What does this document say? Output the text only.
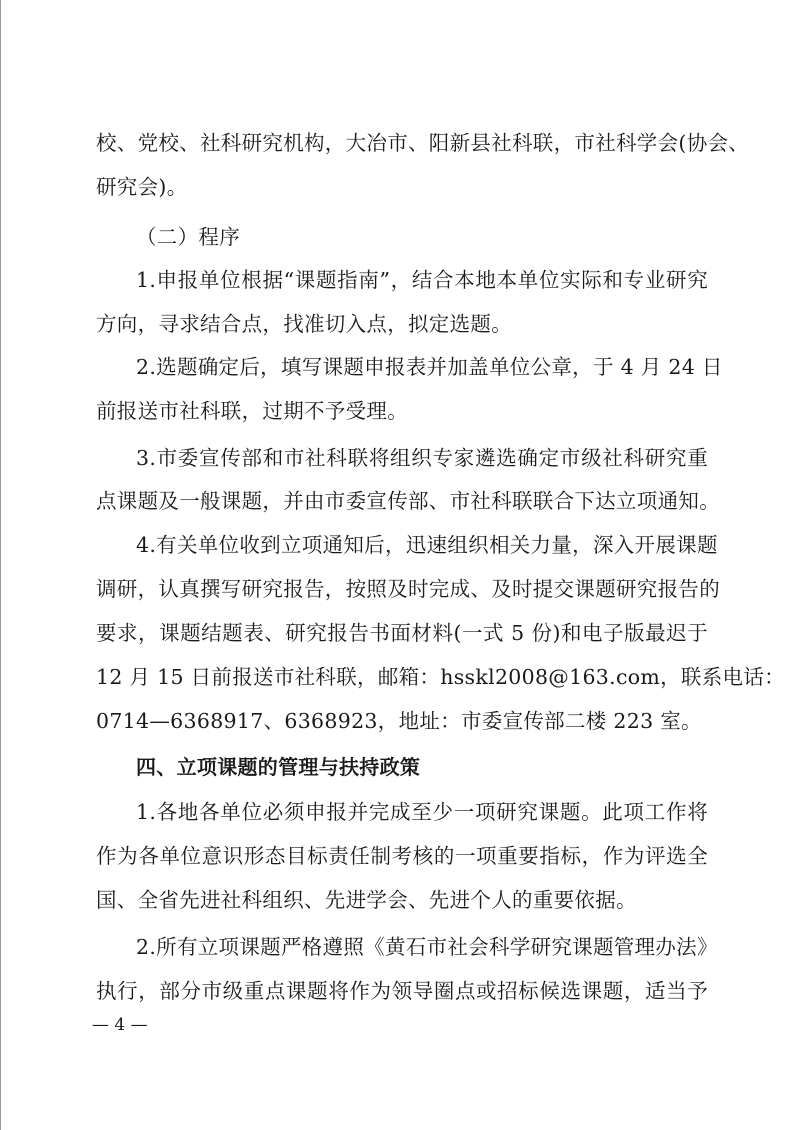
校、党校、社科研究机构，大冶市、阳新县社科联，市社科学会(协会、
研究会)。
（二）程序
1.申报单位根据“课题指南”，结合本地本单位实际和专业研究
方向，寻求结合点，找准切入点，拟定选题。
2.选题确定后，填写课题申报表并加盖单位公章，于 4 月 24 日
前报送市社科联，过期不予受理。
3.市委宣传部和市社科联将组织专家遴选确定市级社科研究重
点课题及一般课题，并由市委宣传部、市社科联联合下达立项通知。
4.有关单位收到立项通知后，迅速组织相关力量，深入开展课题
调研，认真撰写研究报告，按照及时完成、及时提交课题研究报告的
要求，课题结题表、研究报告书面材料(一式 5 份)和电子版最迟于
12 月 15 日前报送市社科联，邮箱：hsskl2008@163.com，联系电话：
0714—6368917、6368923，地址：市委宣传部二楼 223 室。
四、立项课题的管理与扶持政策
1.各地各单位必须申报并完成至少一项研究课题。此项工作将
作为各单位意识形态目标责任制考核的一项重要指标，作为评选全
国、全省先进社科组织、先进学会、先进个人的重要依据。
2.所有立项课题严格遵照《黄石市社会科学研究课题管理办法》
执行，部分市级重点课题将作为领导圈点或招标候选课题，适当予
— 4 —
